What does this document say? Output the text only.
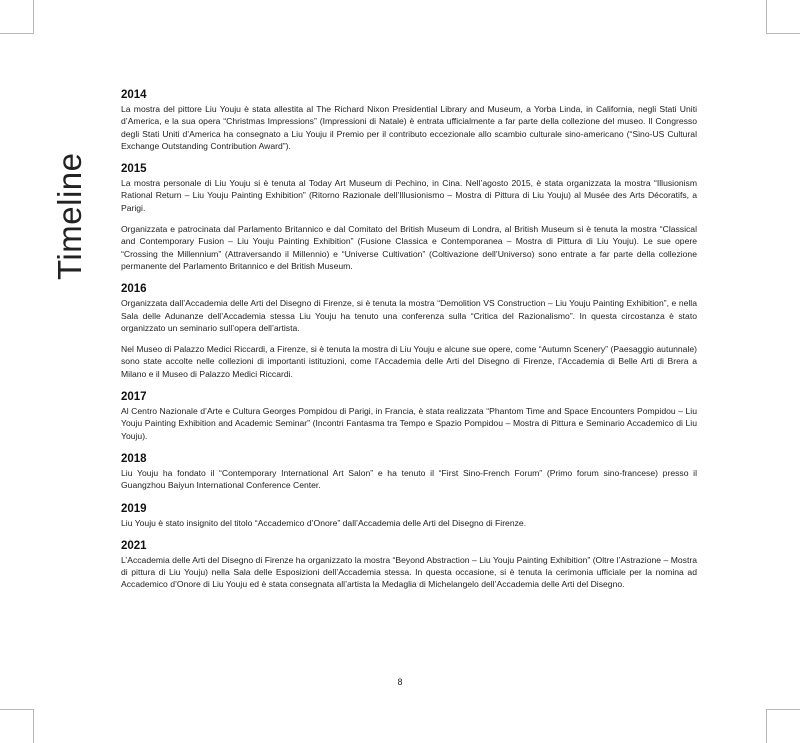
Timeline
2014

La mostra del pittore Liu Youju è stata allestita al The Richard Nixon Presidential Library and Museum, a Yorba Linda, in California, negli Stati Uniti d’America, e la sua opera “Christmas Impressions” (Impressioni di Natale) è entrata ufficialmente a far parte della collezione del museo. Il Congresso degli Stati Uniti d’America ha consegnato a Liu Youju il Premio per il contributo eccezionale allo scambio culturale sino-americano (“Sino-US Cultural Exchange Outstanding Contribution Award”).

2015

La mostra personale di Liu Youju si è tenuta al Today Art Museum di Pechino, in Cina. Nell’agosto 2015, è stata organizzata la mostra “Illusionism Rational Return – Liu Youju Painting Exhibition” (Ritorno Razionale dell’Illusionismo – Mostra di Pittura di Liu Youju) al Musée des Arts Décoratifs, a Parigi.

Organizzata e patrocinata dal Parlamento Britannico e dal Comitato del British Museum di Londra, al British Museum si è tenuta la mostra “Classical and Contemporary Fusion – Liu Youju Painting Exhibition” (Fusione Classica e Contemporanea – Mostra di Pittura di Liu Youju). Le sue opere “Crossing the Millennium” (Attraversando il Millennio) e “Universe Cultivation” (Coltivazione dell’Universo) sono entrate a far parte della collezione permanente del Parlamento Britannico e del British Museum.

2016

Organizzata dall’Accademia delle Arti del Disegno di Firenze, si è tenuta la mostra “Demolition VS Construction – Liu Youju Painting Exhibition”, e nella Sala delle Adunanze dell’Accademia stessa Liu Youju ha tenuto una conferenza sulla “Critica del Razionalismo”. In questa circostanza è stato organizzato un seminario sull’opera dell’artista.

Nel Museo di Palazzo Medici Riccardi, a Firenze, si è tenuta la mostra di Liu Youju e alcune sue opere, come “Autumn Scenery” (Paesaggio autunnale) sono state accolte nelle collezioni di importanti istituzioni, come l’Accademia delle Arti del Disegno di Firenze, l’Accademia di Belle Arti di Brera a Milano e il Museo di Palazzo Medici Riccardi.

2017

Al Centro Nazionale d’Arte e Cultura Georges Pompidou di Parigi, in Francia, è stata realizzata “Phantom Time and Space Encounters Pompidou – Liu Youju Painting Exhibition and Academic Seminar” (Incontri Fantasma tra Tempo e Spazio Pompidou – Mostra di Pittura e Seminario Accademico di Liu Youju).

2018

Liu Youju ha fondato il “Contemporary International Art Salon” e ha tenuto il “First Sino-French Forum” (Primo forum sino-francese) presso il Guangzhou Baiyun International Conference Center.

2019

Liu Youju è stato insignito del titolo “Accademico d’Onore” dall’Accademia delle Arti del Disegno di Firenze.

2021

L’Accademia delle Arti del Disegno di Firenze ha organizzato la mostra “Beyond Abstraction – Liu Youju Painting Exhibition” (Oltre l’Astrazione – Mostra di pittura di Liu Youju) nella Sala delle Esposizioni dell’Accademia stessa. In questa occasione, si è tenuta la cerimonia ufficiale per la nomina ad Accademico d’Onore di Liu Youju ed è stata consegnata all’artista la Medaglia di Michelangelo dell’Accademia delle Arti del Disegno.

8
